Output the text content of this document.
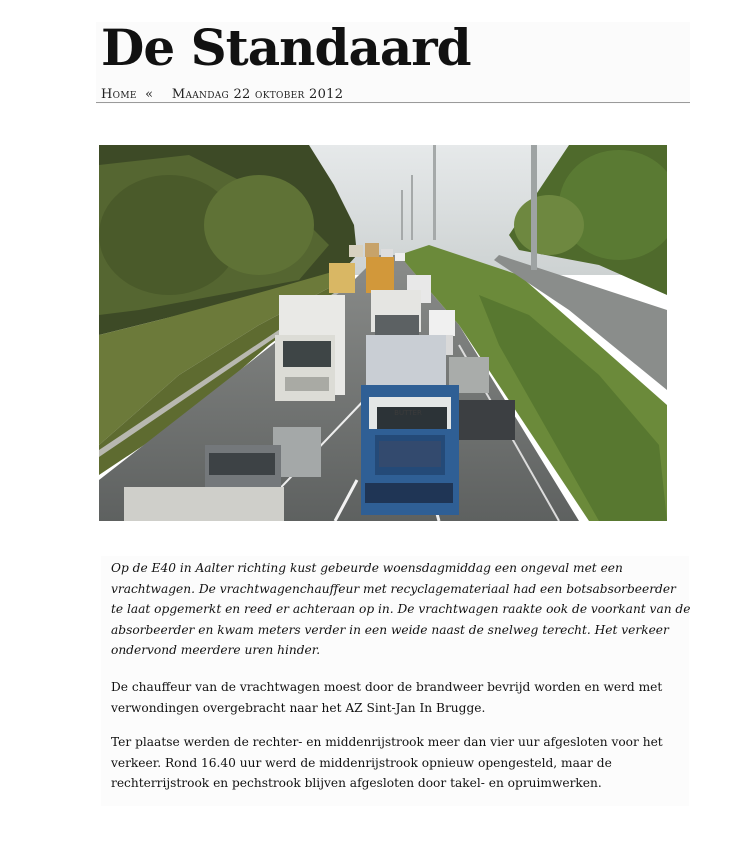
De Standaard
Home « Maandag 22 oktober 2012
BUTTER

Op de E40 in Aalter richting kust gebeurde woensdagmiddag een ongeval met een vrachtwagen. De vrachtwagenchauffeur met recyclagemateriaal had een botsabsorbeerder te laat opgemerkt en reed er achteraan op in. De vrachtwagen raakte ook de voorkant van de absorbeerder en kwam meters verder in een weide naast de snelweg terecht. Het verkeer ondervond meerdere uren hinder.

De chauffeur van de vrachtwagen moest door de brandweer bevrijd worden en werd met verwondingen overgebracht naar het AZ Sint-Jan In Brugge.

Ter plaatse werden de rechter- en middenrijstrook meer dan vier uur afgesloten voor het verkeer. Rond 16.40 uur werd de middenrijstrook opnieuw opengesteld, maar de rechterrijstrook en pechstrook blijven afgesloten door takel- en opruimwerken.
